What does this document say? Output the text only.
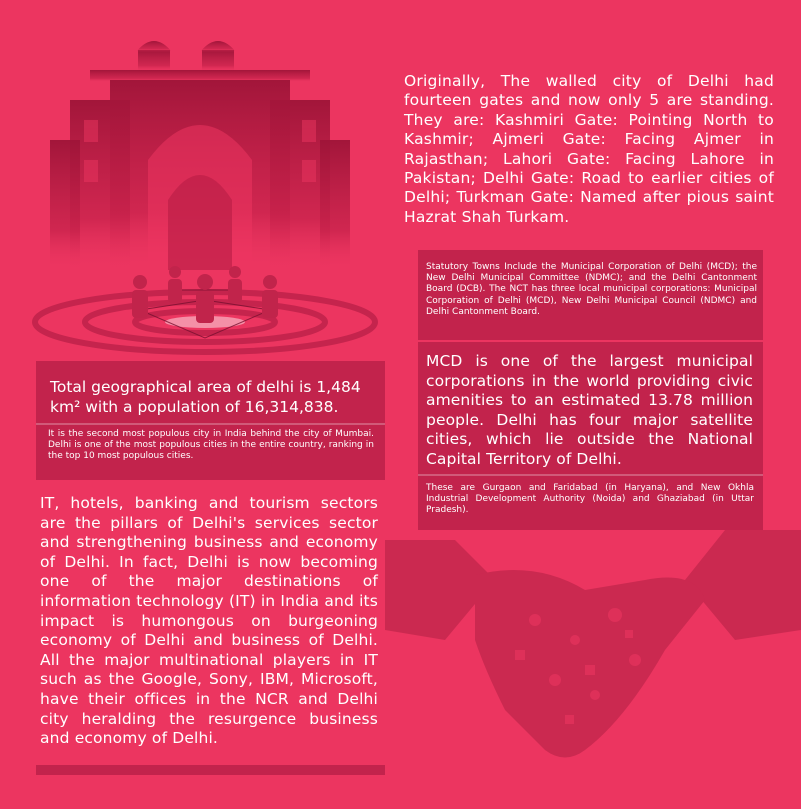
Originally, The walled city of Delhi had fourteen gates and now only 5 are standing. They are: Kashmiri Gate: Pointing North to Kashmir; Ajmeri Gate: Facing Ajmer in Rajasthan; Lahori Gate: Facing Lahore in Pakistan; Delhi Gate: Road to earlier cities of Delhi; Turkman Gate: Named after pious saint Hazrat Shah Turkam.
Statutory Towns Include the Municipal Corporation of Delhi (MCD); the New Delhi Municipal Committee (NDMC); and the Delhi Cantonment Board (DCB). The NCT has three local municipal corporations: Municipal Corporation of Delhi (MCD), New Delhi Municipal Council (NDMC) and Delhi Cantonment Board.
MCD is one of the largest municipal corporations in the world providing civic amenities to an estimated 13.78 million people. Delhi has four major satellite cities, which lie outside the National Capital Territory of Delhi.
These are Gurgaon and Faridabad (in Haryana), and New Okhla Industrial Development Authority (Noida) and Ghaziabad (in Uttar Pradesh).
Total geographical area of delhi is 1,484 km² with a population of 16,314,838.
It is the second most populous city in India behind the city of Mumbai. Delhi is one of the most populous cities in the entire country, ranking in the top 10 most populous cities.
IT, hotels, banking and tourism sectors are the pillars of Delhi's services sector and strengthening business and economy of Delhi. In fact, Delhi is now becoming one of the major destinations of information technology (IT) in India and its impact is humongous on burgeoning economy of Delhi and business of Delhi. All the major multinational players in IT such as the Google, Sony, IBM, Microsoft, have their offices in the NCR and Delhi city heralding the resurgence business and economy of Delhi.
